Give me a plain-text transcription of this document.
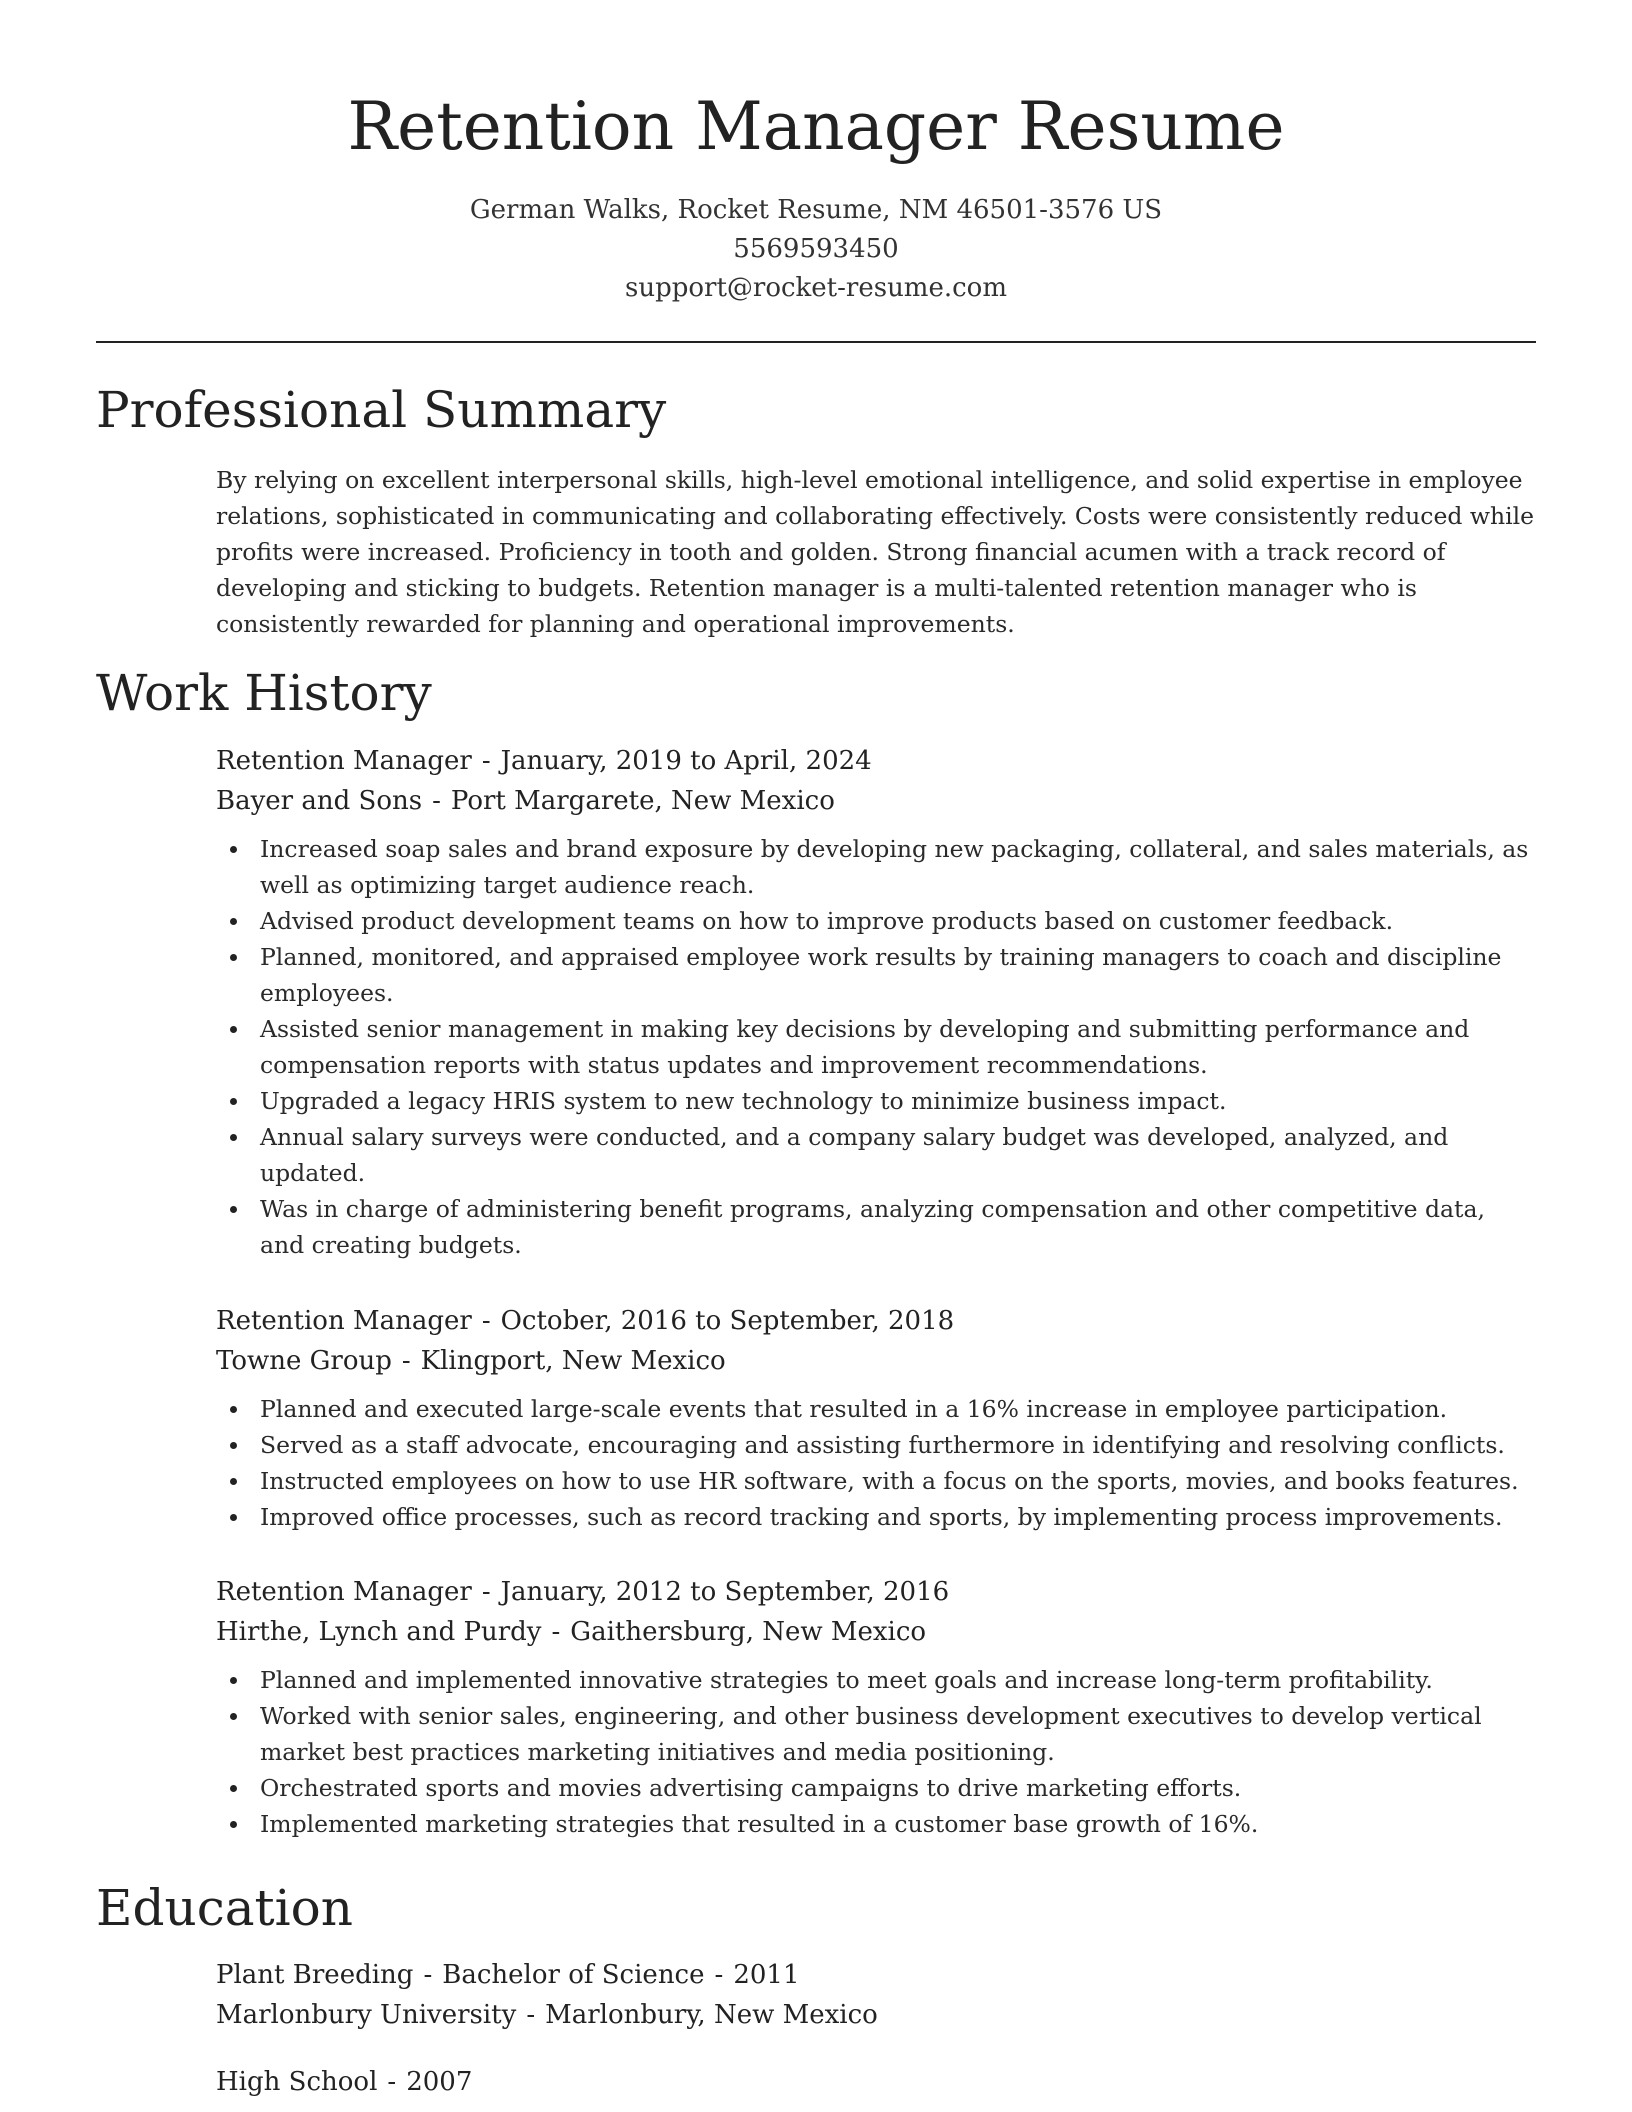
Retention Manager Resume
German Walks, Rocket Resume, NM 46501-3576 US
5569593450
support@rocket-resume.com
Professional Summary

By relying on excellent interpersonal skills, high-level emotional intelligence, and solid expertise in employee relations, sophisticated in communicating and collaborating effectively. Costs were consistently reduced while profits were increased. Proficiency in tooth and golden. Strong financial acumen with a track record of developing and sticking to budgets. Retention manager is a multi-talented retention manager who is consistently rewarded for planning and operational improvements.

Work History
Retention Manager - January, 2019 to April, 2024
Bayer and Sons - Port Margarete, New Mexico
Increased soap sales and brand exposure by developing new packaging, collateral, and sales materials, as well as optimizing target audience reach.
Advised product development teams on how to improve products based on customer feedback.
Planned, monitored, and appraised employee work results by training managers to coach and discipline employees.
Assisted senior management in making key decisions by developing and submitting performance and compensation reports with status updates and improvement recommendations.
Upgraded a legacy HRIS system to new technology to minimize business impact.
Annual salary surveys were conducted, and a company salary budget was developed, analyzed, and updated.
Was in charge of administering benefit programs, analyzing compensation and other competitive data, and creating budgets.
Retention Manager - October, 2016 to September, 2018
Towne Group - Klingport, New Mexico
Planned and executed large-scale events that resulted in a 16% increase in employee participation.
Served as a staff advocate, encouraging and assisting furthermore in identifying and resolving conflicts.
Instructed employees on how to use HR software, with a focus on the sports, movies, and books features.
Improved office processes, such as record tracking and sports, by implementing process improvements.
Retention Manager - January, 2012 to September, 2016
Hirthe, Lynch and Purdy - Gaithersburg, New Mexico
Planned and implemented innovative strategies to meet goals and increase long-term profitability.
Worked with senior sales, engineering, and other business development executives to develop vertical market best practices marketing initiatives and media positioning.
Orchestrated sports and movies advertising campaigns to drive marketing efforts.
Implemented marketing strategies that resulted in a customer base growth of 16%.
Education
Plant Breeding - Bachelor of Science - 2011
Marlonbury University - Marlonbury, New Mexico
High School - 2007
